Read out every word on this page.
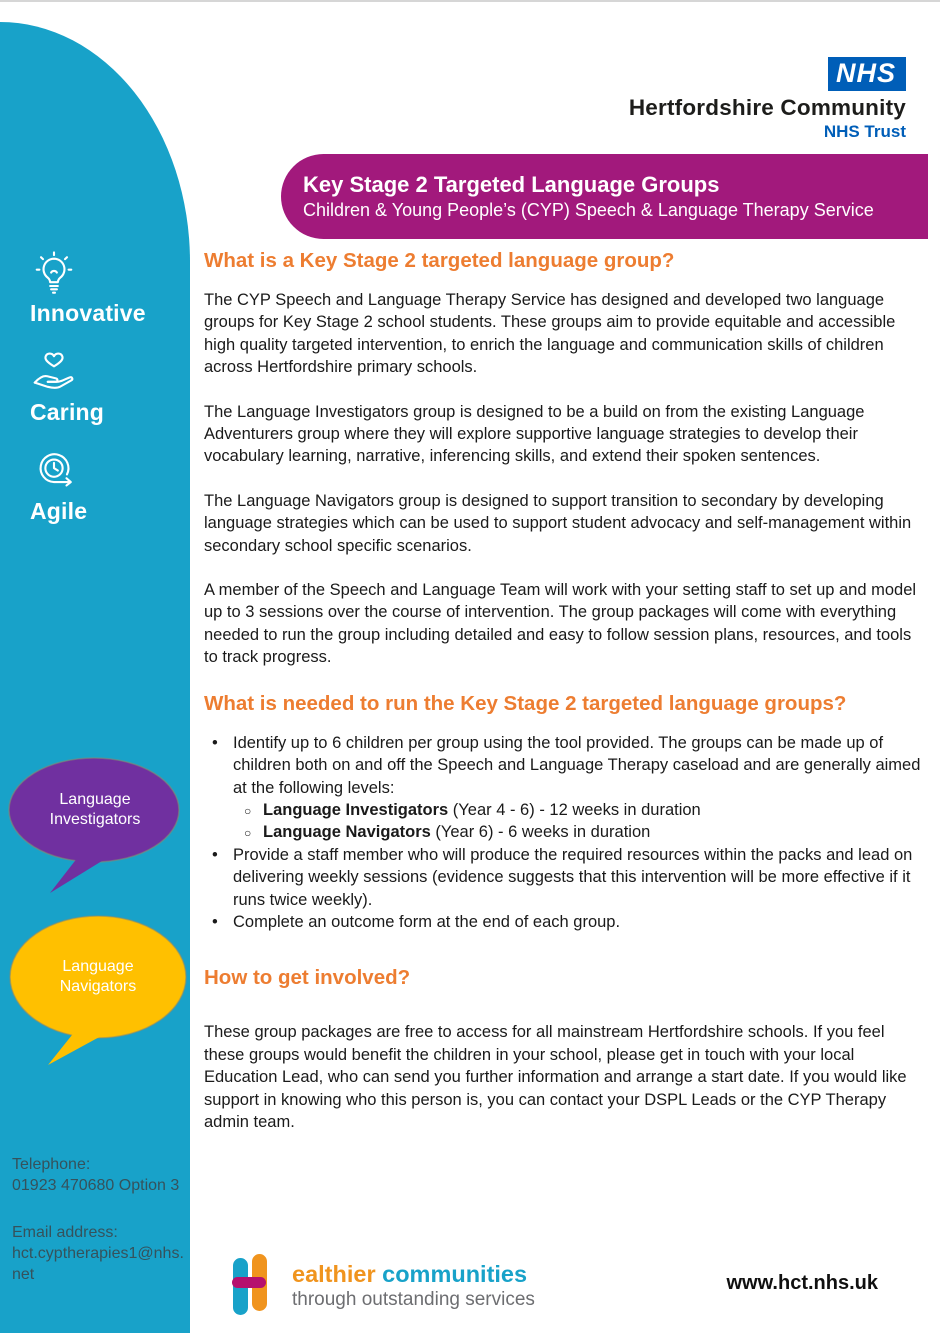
Innovative
Caring
Agile
Language Investigators
Language Navigators
Telephone:
01923 470680 Option 3
Email address:
hct.cyptherapies1@nhs.net
NHS
Hertfordshire Community
NHS Trust
Key Stage 2 Targeted Language Groups
Children & Young People’s (CYP) Speech & Language Therapy Service
What is a Key Stage 2 targeted language group?

The CYP Speech and Language Therapy Service has designed and developed two language groups for Key Stage 2 school students. These groups aim to provide equitable and accessible high quality targeted intervention, to enrich the language and communication skills of children across Hertfordshire primary schools.

The Language Investigators group is designed to be a build on from the existing Language Adventurers group where they will explore supportive language strategies to develop their vocabulary learning, narrative, inferencing skills, and extend their spoken sentences.

The Language Navigators group is designed to support transition to secondary by developing language strategies which can be used to support student advocacy and self-management within secondary school specific scenarios.

A member of the Speech and Language Team will work with your setting staff to set up and model up to 3 sessions over the course of intervention. The group packages will come with everything needed to run the group including detailed and easy to follow session plans, resources, and tools to track progress.

What is needed to run the Key Stage 2 targeted language groups?
• Identify up to 6 children per group using the tool provided. The groups can be made up of children both on and off the Speech and Language Therapy caseload and are generally aimed at the following levels:
○ Language Investigators (Year 4 - 6) - 12 weeks in duration
○ Language Navigators (Year 6) - 6 weeks in duration
• Provide a staff member who will produce the required resources within the packs and lead on delivering weekly sessions (evidence suggests that this intervention will be more effective if it runs twice weekly).
• Complete an outcome form at the end of each group.
How to get involved?

These group packages are free to access for all mainstream Hertfordshire schools. If you feel these groups would benefit the children in your school, please get in touch with your local Education Lead, who can send you further information and arrange a start date. If you would like support in knowing who this person is, you can contact your DSPL Leads or the CYP Therapy admin team.

ealthier communities
through outstanding services
www.hct.nhs.uk
